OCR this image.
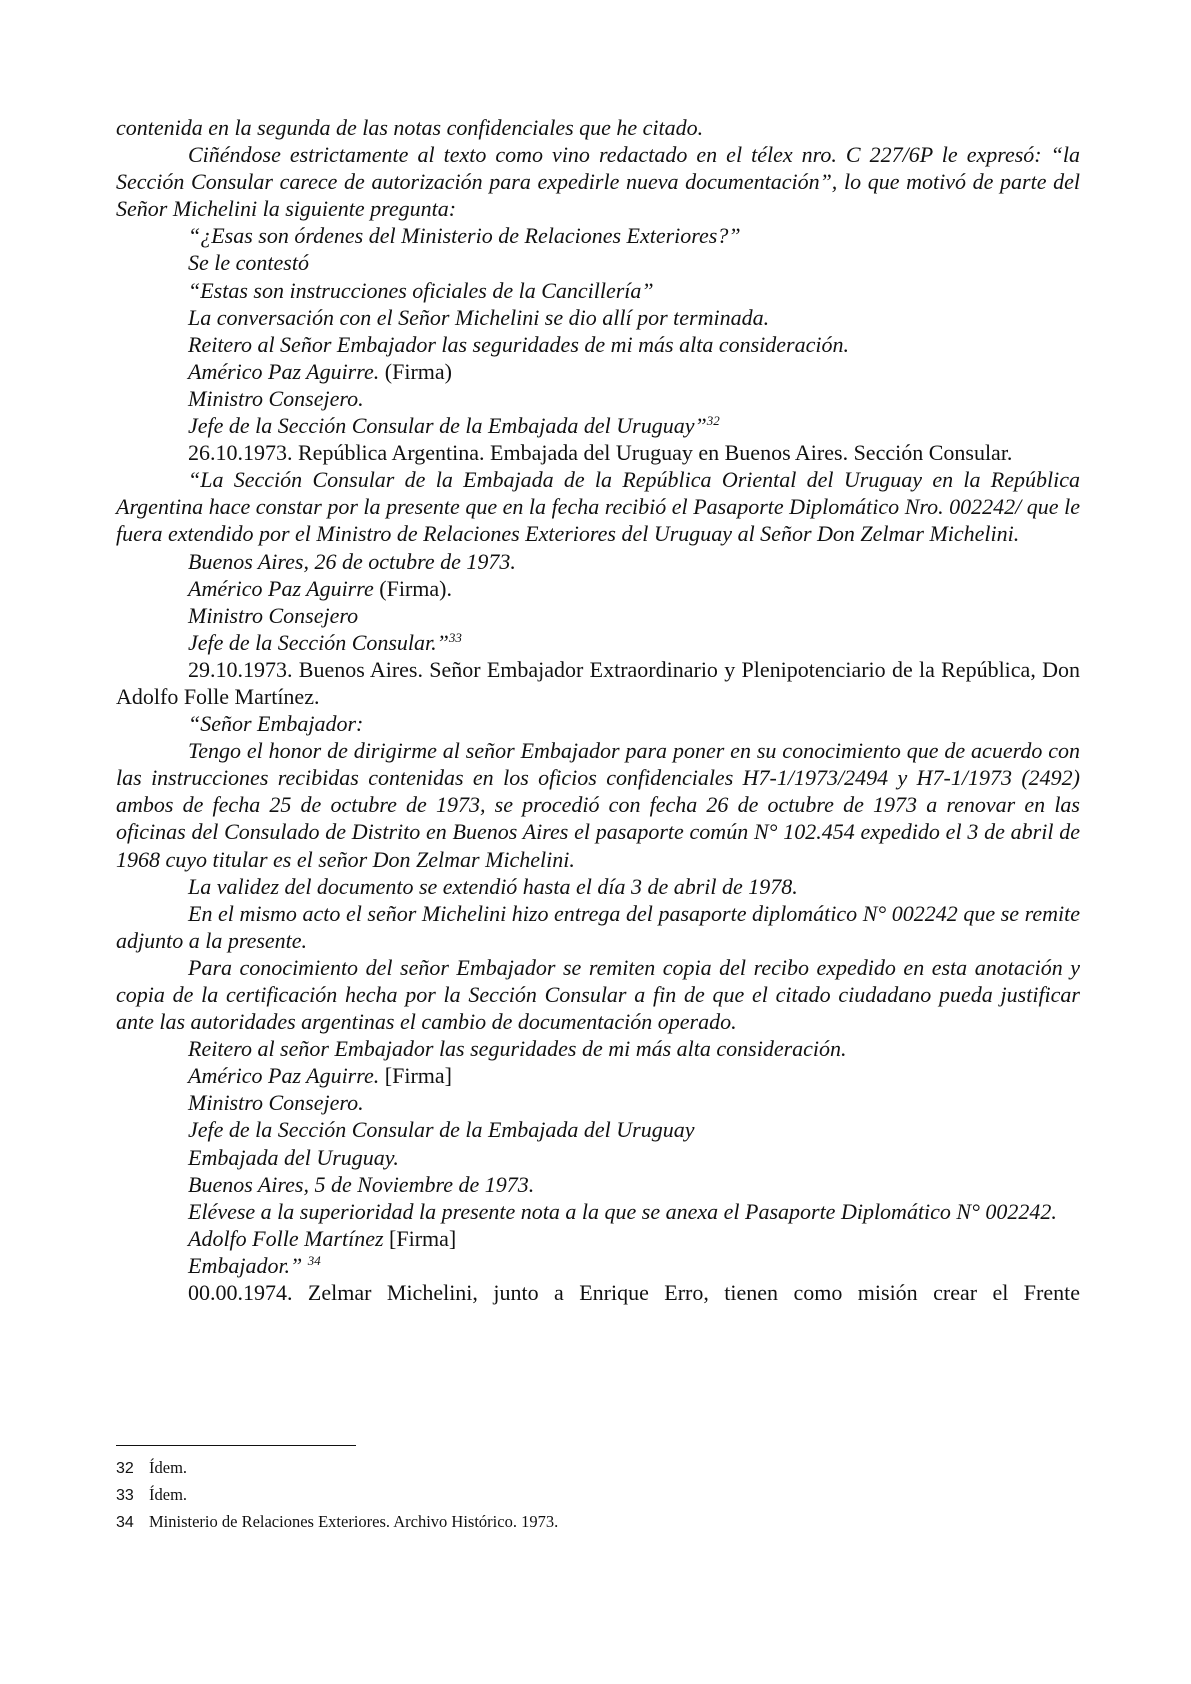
contenida en la segunda de las notas confidenciales que he citado.

Ciñéndose estrictamente al texto como vino redactado en el télex nro. C 227/6P le expresó: “la Sección Consular carece de autorización para expedirle nueva documentación”, lo que motivó de parte del Señor Michelini la siguiente pregunta:

“¿Esas son órdenes del Ministerio de Relaciones Exteriores?”

Se le contestó

“Estas son instrucciones oficiales de la Cancillería”

La conversación con el Señor Michelini se dio allí por terminada.

Reitero al Señor Embajador las seguridades de mi más alta consideración.

Américo Paz Aguirre. (Firma)

Ministro Consejero.

Jefe de la Sección Consular de la Embajada del Uruguay”$^{32}$

26.10.1973. República Argentina. Embajada del Uruguay en Buenos Aires. Sección Consular.

“La Sección Consular de la Embajada de la República Oriental del Uruguay en la República Argentina hace constar por la presente que en la fecha recibió el Pasaporte Diplomático Nro. 002242/ que le fuera extendido por el Ministro de Relaciones Exteriores del Uruguay al Señor Don Zelmar Michelini.

Buenos Aires, 26 de octubre de 1973.

Américo Paz Aguirre (Firma).

Ministro Consejero

Jefe de la Sección Consular.”$^{33}$

29.10.1973. Buenos Aires. Señor Embajador Extraordinario y Plenipotenciario de la República, Don Adolfo Folle Martínez.

“Señor Embajador:

Tengo el honor de dirigirme al señor Embajador para poner en su conocimiento que de acuerdo con las instrucciones recibidas contenidas en los oficios confidenciales H7-1/1973/2494 y H7-1/1973 (2492) ambos de fecha 25 de octubre de 1973, se procedió con fecha 26 de octubre de 1973 a renovar en las oficinas del Consulado de Distrito en Buenos Aires el pasaporte común N° 102.454 expedido el 3 de abril de 1968 cuyo titular es el señor Don Zelmar Michelini.

La validez del documento se extendió hasta el día 3 de abril de 1978.

En el mismo acto el señor Michelini hizo entrega del pasaporte diplomático N° 002242 que se remite adjunto a la presente.

Para conocimiento del señor Embajador se remiten copia del recibo expedido en esta anotación y copia de la certificación hecha por la Sección Consular a fin de que el citado ciudadano pueda justificar ante las autoridades argentinas el cambio de documentación operado.

Reitero al señor Embajador las seguridades de mi más alta consideración.

Américo Paz Aguirre. [Firma]

Ministro Consejero.

Jefe de la Sección Consular de la Embajada del Uruguay

Embajada del Uruguay.

Buenos Aires, 5 de Noviembre de 1973.

Elévese a la superioridad la presente nota a la que se anexa el Pasaporte Diplomático N° 002242.

Adolfo Folle Martínez [Firma]

Embajador.” $^{34}$

00.00.1974. Zelmar Michelini, junto a Enrique Erro, tienen como misión crear el Frente

32 Ídem.

33 Ídem.

34 Ministerio de Relaciones Exteriores. Archivo Histórico. 1973.
